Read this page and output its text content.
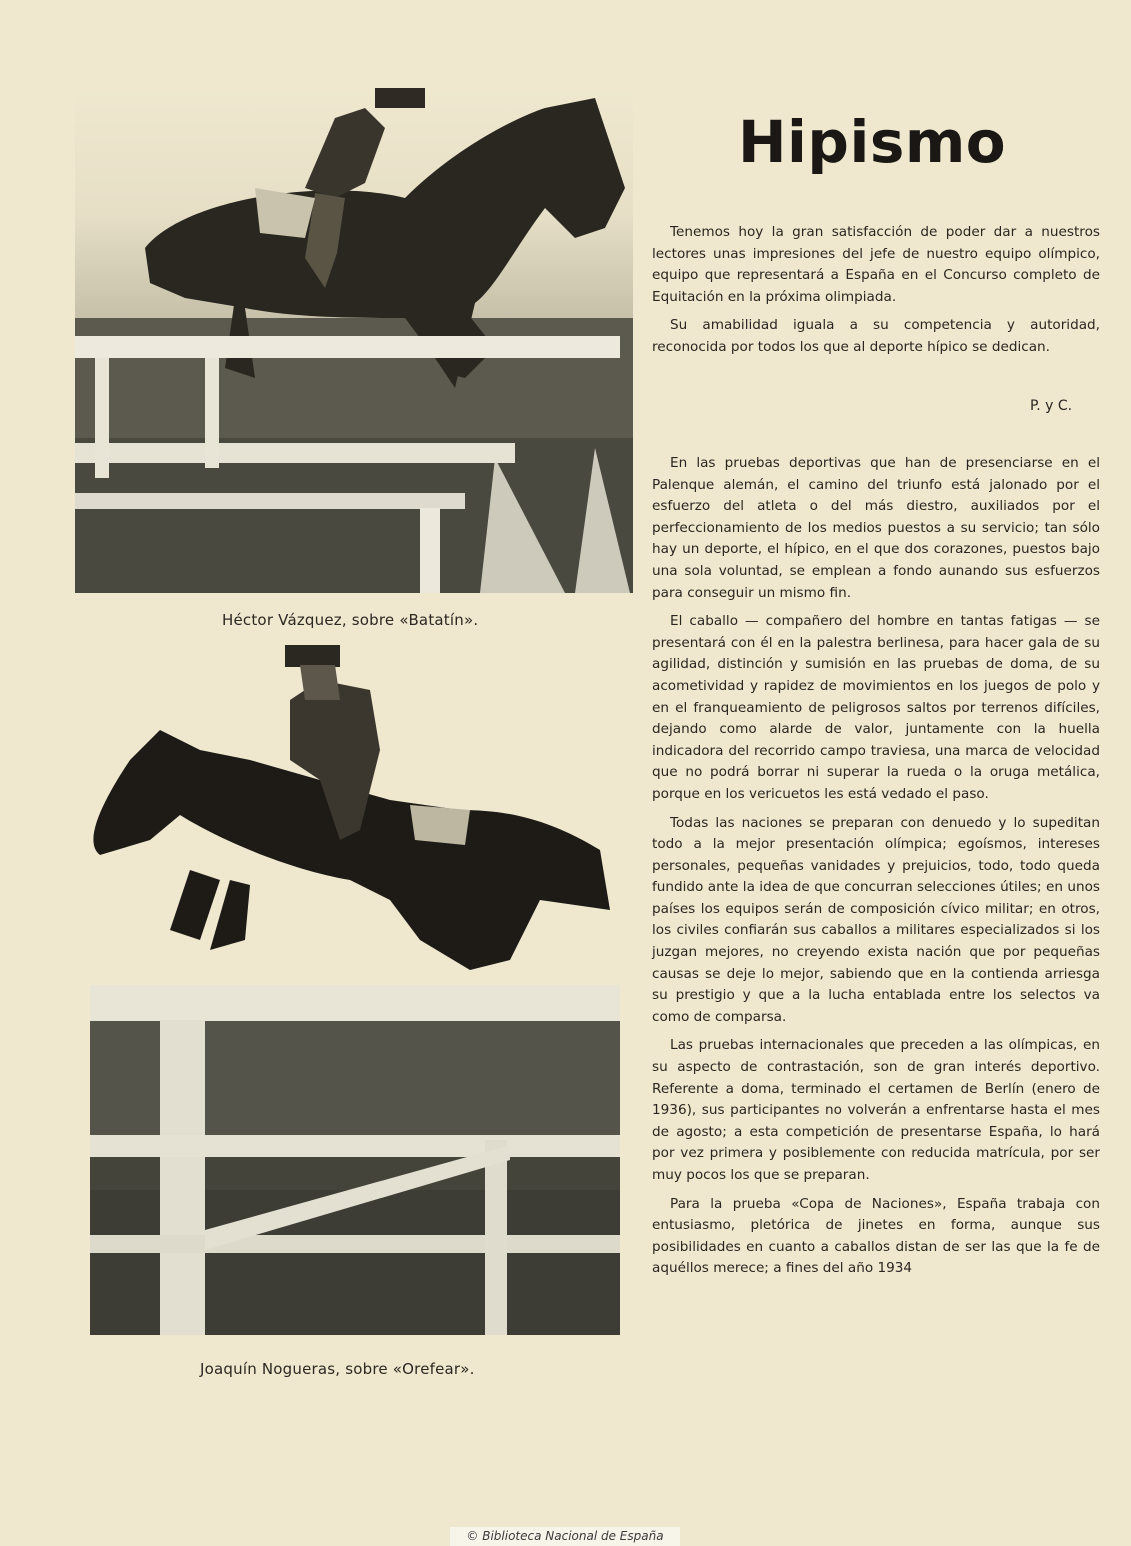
Héctor Vázquez, sobre «Batatín».
Joaquín Nogueras, sobre «Orefear».
Hipismo

Tenemos hoy la gran satisfacción de poder dar a nuestros lectores unas impresiones del jefe de nuestro equipo olímpico, equipo que representará a España en el Concurso completo de Equitación en la próxima olimpiada.

Su amabilidad iguala a su competencia y autoridad, reconocida por todos los que al deporte hípico se dedican.

P. y C.

En las pruebas deportivas que han de presenciarse en el Palenque alemán, el camino del triunfo está jalonado por el esfuerzo del atleta o del más diestro, auxiliados por el perfeccionamiento de los medios puestos a su servicio; tan sólo hay un deporte, el hípico, en el que dos corazones, puestos bajo una sola voluntad, se emplean a fondo aunando sus esfuerzos para conseguir un mismo fin.

El caballo — compañero del hombre en tantas fatigas — se presentará con él en la palestra berlinesa, para hacer gala de su agilidad, distinción y sumisión en las pruebas de doma, de su acometividad y rapidez de movimientos en los juegos de polo y en el franqueamiento de peligrosos saltos por terrenos difíciles, dejando como alarde de valor, juntamente con la huella indicadora del recorrido campo traviesa, una marca de velocidad que no podrá borrar ni superar la rueda o la oruga metálica, porque en los vericuetos les está vedado el paso.

Todas las naciones se preparan con denuedo y lo supeditan todo a la mejor presentación olímpica; egoísmos, intereses personales, pequeñas vanidades y prejuicios, todo, todo queda fundido ante la idea de que concurran selecciones útiles; en unos países los equipos serán de composición cívico militar; en otros, los civiles confiarán sus caballos a militares especializados si los juzgan mejores, no creyendo exista nación que por pequeñas causas se deje lo mejor, sabiendo que en la contienda arriesga su prestigio y que a la lucha entablada entre los selectos va como de comparsa.

Las pruebas internacionales que preceden a las olímpicas, en su aspecto de contrastación, son de gran interés deportivo. Referente a doma, terminado el certamen de Berlín (enero de 1936), sus participantes no volverán a enfrentarse hasta el mes de agosto; a esta competición de presentarse España, lo hará por vez primera y posiblemente con reducida matrícula, por ser muy pocos los que se preparan.

Para la prueba «Copa de Naciones», España trabaja con entusiasmo, pletórica de jinetes en forma, aunque sus posibilidades en cuanto a caballos distan de ser las que la fe de aquéllos merece; a fines del año 1934

© Biblioteca Nacional de España
